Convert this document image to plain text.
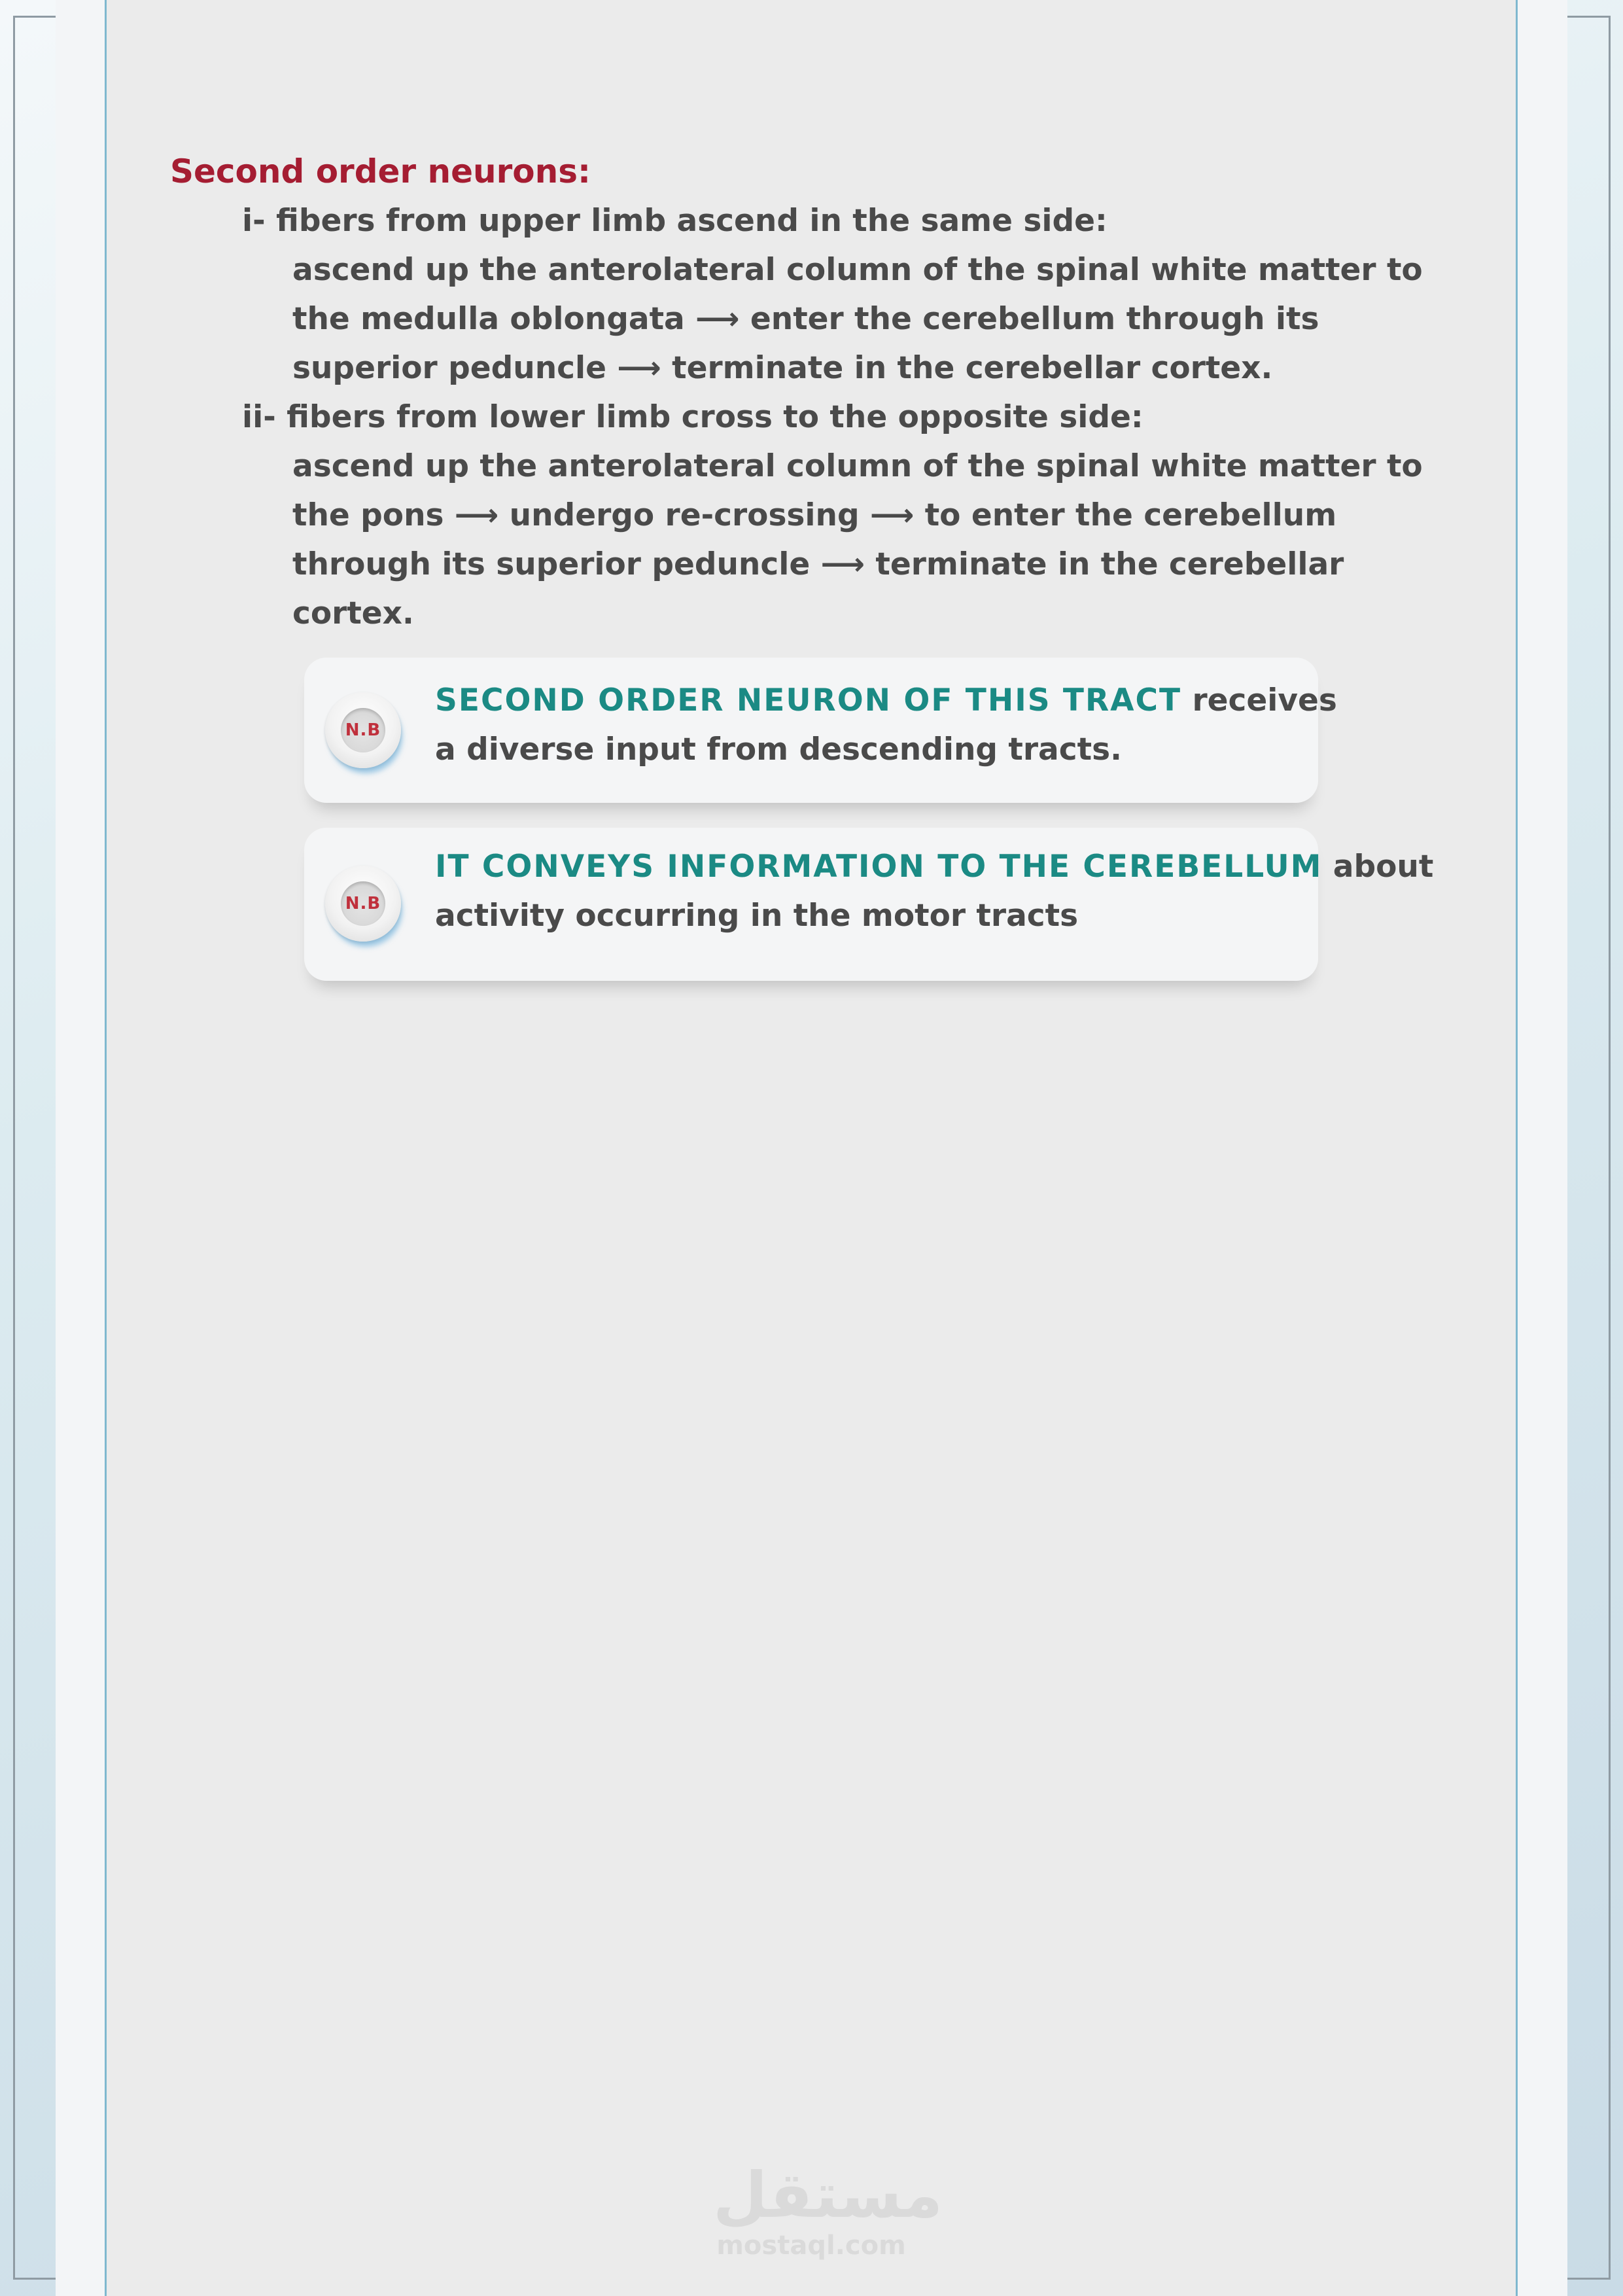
Second order neurons:
i- fibers from upper limb ascend in the same side:
ascend up the anterolateral column of the spinal white matter to
the medulla oblongata ⟶ enter the cerebellum through its
superior peduncle ⟶ terminate in the cerebellar cortex.
ii- fibers from lower limb cross to the opposite side:
ascend up the anterolateral column of the spinal white matter to
the pons ⟶ undergo re-crossing ⟶ to enter the cerebellum
through its superior peduncle ⟶ terminate in the cerebellar
cortex.
N.B
SECOND ORDER NEURON OF THIS TRACT receives
a diverse input from descending tracts.
N.B
IT CONVEYS INFORMATION TO THE CEREBELLUM about
activity occurring in the motor tracts
مستقل
mostaql.com
